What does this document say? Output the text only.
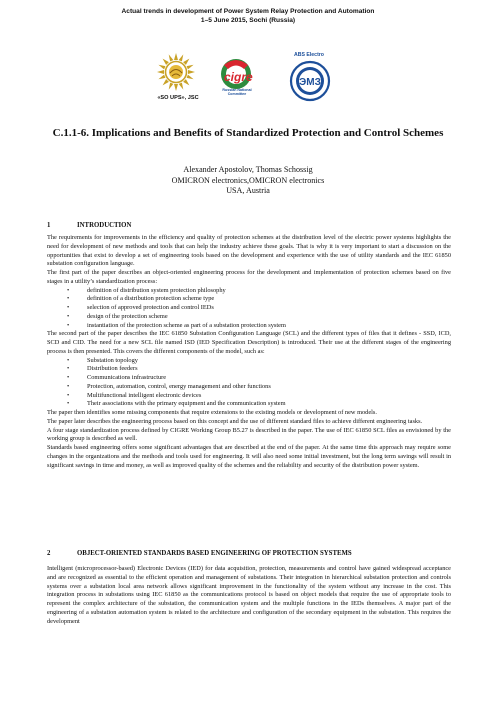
Actual trends in development of Power System Relay Protection and Automation
1–5 June 2015, Sochi (Russia)
«SO UPS», JSC
cigre
Russian National Committee
ABS Electro
ЭМЗ
C.1.1-6. Implications and Benefits of Standardized Protection and Control Schemes
Alexander Apostolov, Thomas Schossig
OMICRON electronics,OMICRON electronics
USA, Austria
1	INTRODUCTION

The requirements for improvements in the efficiency and quality of protection schemes at the distribution level of the electric power systems highlights the need for development of new methods and tools that can help the industry achieve these goals. That is why it is very important to start a discussion on the opportunities that exist to develop a set of engineering tools based on the development and experience with the use of utility standards and the IEC 61850 substation configuration language.

The first part of the paper describes an object-oriented engineering process for the development and implementation of protection schemes based on five stages in a utility’s standardization process:

• definition of distribution system protection philosophy
• definition of a distribution protection scheme type
• selection of approved protection and control IEDs
• design of the protection scheme
• instantiation of the protection scheme as part of a substation protection system

The second part of the paper describes the IEC 61850 Substation Configuration Language (SCL) and the different types of files that it defines - SSD, ICD, SCD and CID. The need for a new SCL file named ISD (IED Specification Description) is introduced. Their use at the different stages of the engineering process is then presented. This covers the different components of the model, such as:

• Substation topology
• Distribution feeders
• Communications infrastructure
• Protection, automation, control, energy management and other functions
• Multifunctional intelligent electronic devices
• Their associations with the primary equipment and the communication system

The paper then identifies some missing components that require extensions to the existing models or development of new models.

The paper later describes the engineering process based on this concept and the use of different standard files to achieve different engineering tasks.

A four stage standardization process defined by CIGRE Working Group B5.27 is described in the paper. The use of IEC 61850 SCL files as envisioned by the working group is described as well.

Standards based engineering offers some significant advantages that are described at the end of the paper. At the same time this approach may require some changes in the organizations and the methods and tools used for engineering. It will also need some initial investment, but the long term savings will result in significant savings in time and money, as well as improved quality of the schemes and the reliability and security of the distribution power system.

2	OBJECT-ORIENTED STANDARDS BASED ENGINEERING OF PROTECTION SYSTEMS

Intelligent (microprocessor-based) Electronic Devices (IED) for data acquisition, protection, measurements and control have gained widespread acceptance and are recognized as essential to the efficient operation and management of substations. Their integration in hierarchical substation protection and controls systems over a substation local area network allows significant improvement in the functionality of the system without any increase in the cost. This integration process in substations using IEC 61850 as the communications protocol is based on object models that require the use of appropriate tools to represent the complex architecture of the substation, the communication system and the multiple functions in the IEDs themselves. A major part of the engineering of a substation automation system is related to the architecture and configuration of the secondary equipment in the substation. This requires the development
